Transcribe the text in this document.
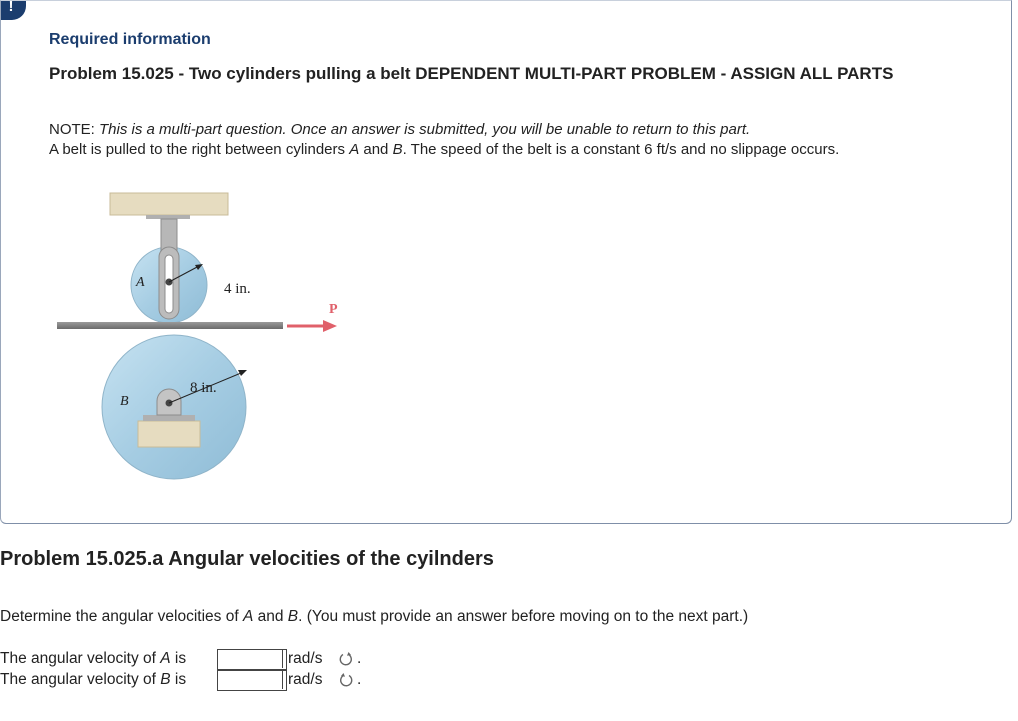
!
Required information
Problem 15.025 - Two cylinders pulling a belt DEPENDENT MULTI-PART PROBLEM - ASSIGN ALL PARTS
NOTE: This is a multi-part question. Once an answer is submitted, you will be unable to return to this part.
A belt is pulled to the right between cylinders A and B. The speed of the belt is a constant 6 ft/s and no slippage occurs.
A	4 in.
P
8 in.
B
Problem 15.025.a Angular velocities of the cyilnders
Determine the angular velocities of A and B. (You must provide an answer before moving on to the next part.)
The angular velocity of A is	rad/s .
The angular velocity of B is	rad/s .
